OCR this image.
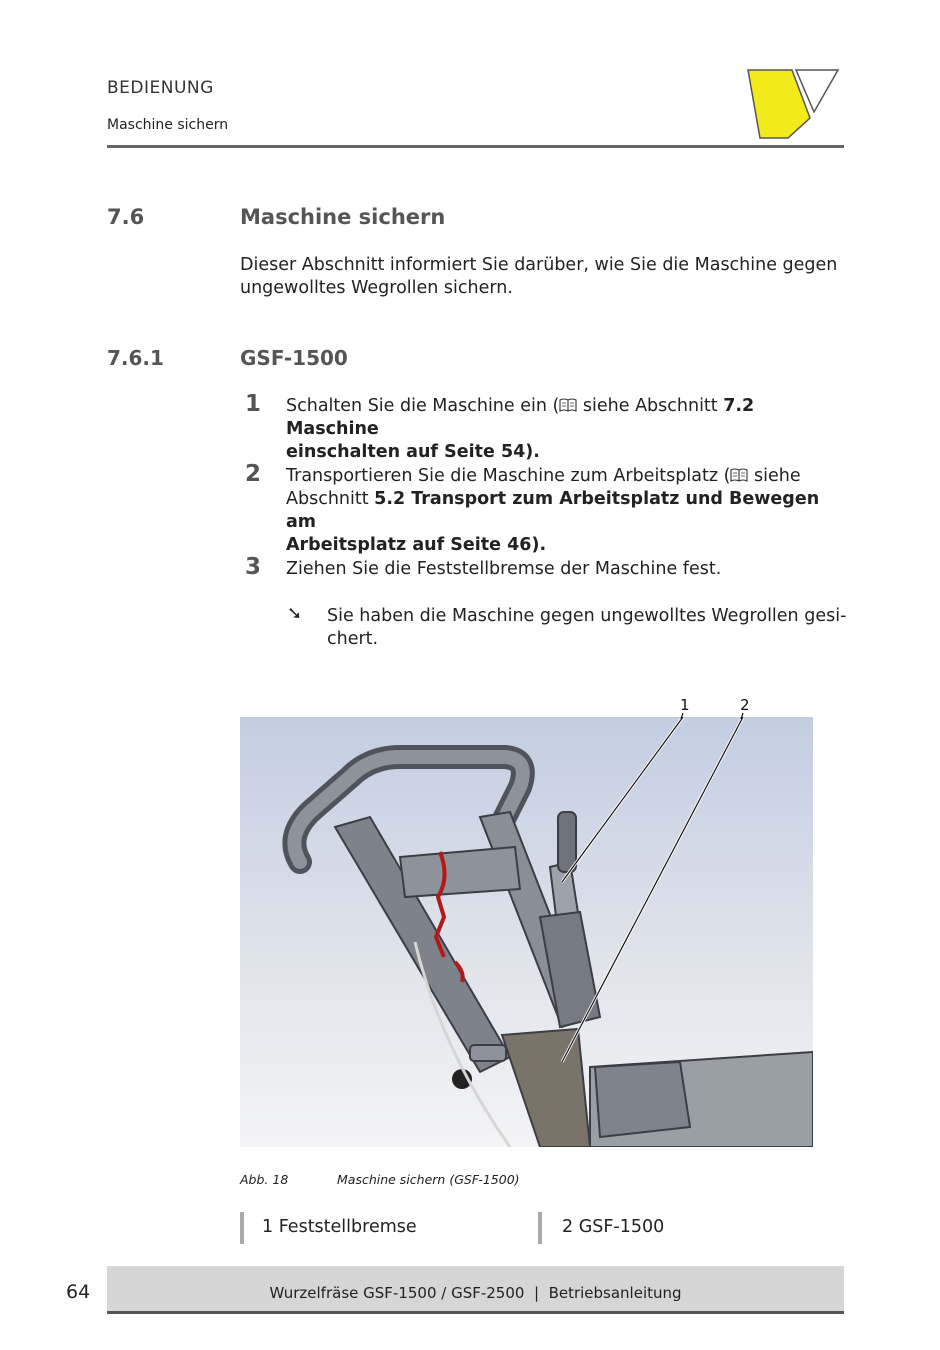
BEDIENUNG
Maschine sichern
7.6	Maschine sichern
Dieser Abschnitt informiert Sie darüber, wie Sie die Maschine gegen
ungewolltes Wegrollen sichern.
7.6.1	GSF-1500
1 Schalten Sie die Maschine ein ( siehe Abschnitt 7.2 Maschine
einschalten auf Seite 54).
2 Transportieren Sie die Maschine zum Arbeitsplatz ( siehe
Abschnitt 5.2 Transport zum Arbeitsplatz und Bewegen am
Arbeitsplatz auf Seite 46).
3 Ziehen Sie die Feststellbremse der Maschine fest.
➘ Sie haben die Maschine gegen ungewolltes Wegrollen gesi-
chert.
1	2
Abb. 18	Maschine sichern (GSF-1500)
1 Feststellbremse	2 GSF-1500
64	Wurzelfräse GSF-1500 / GSF-2500  |  Betriebsanleitung
